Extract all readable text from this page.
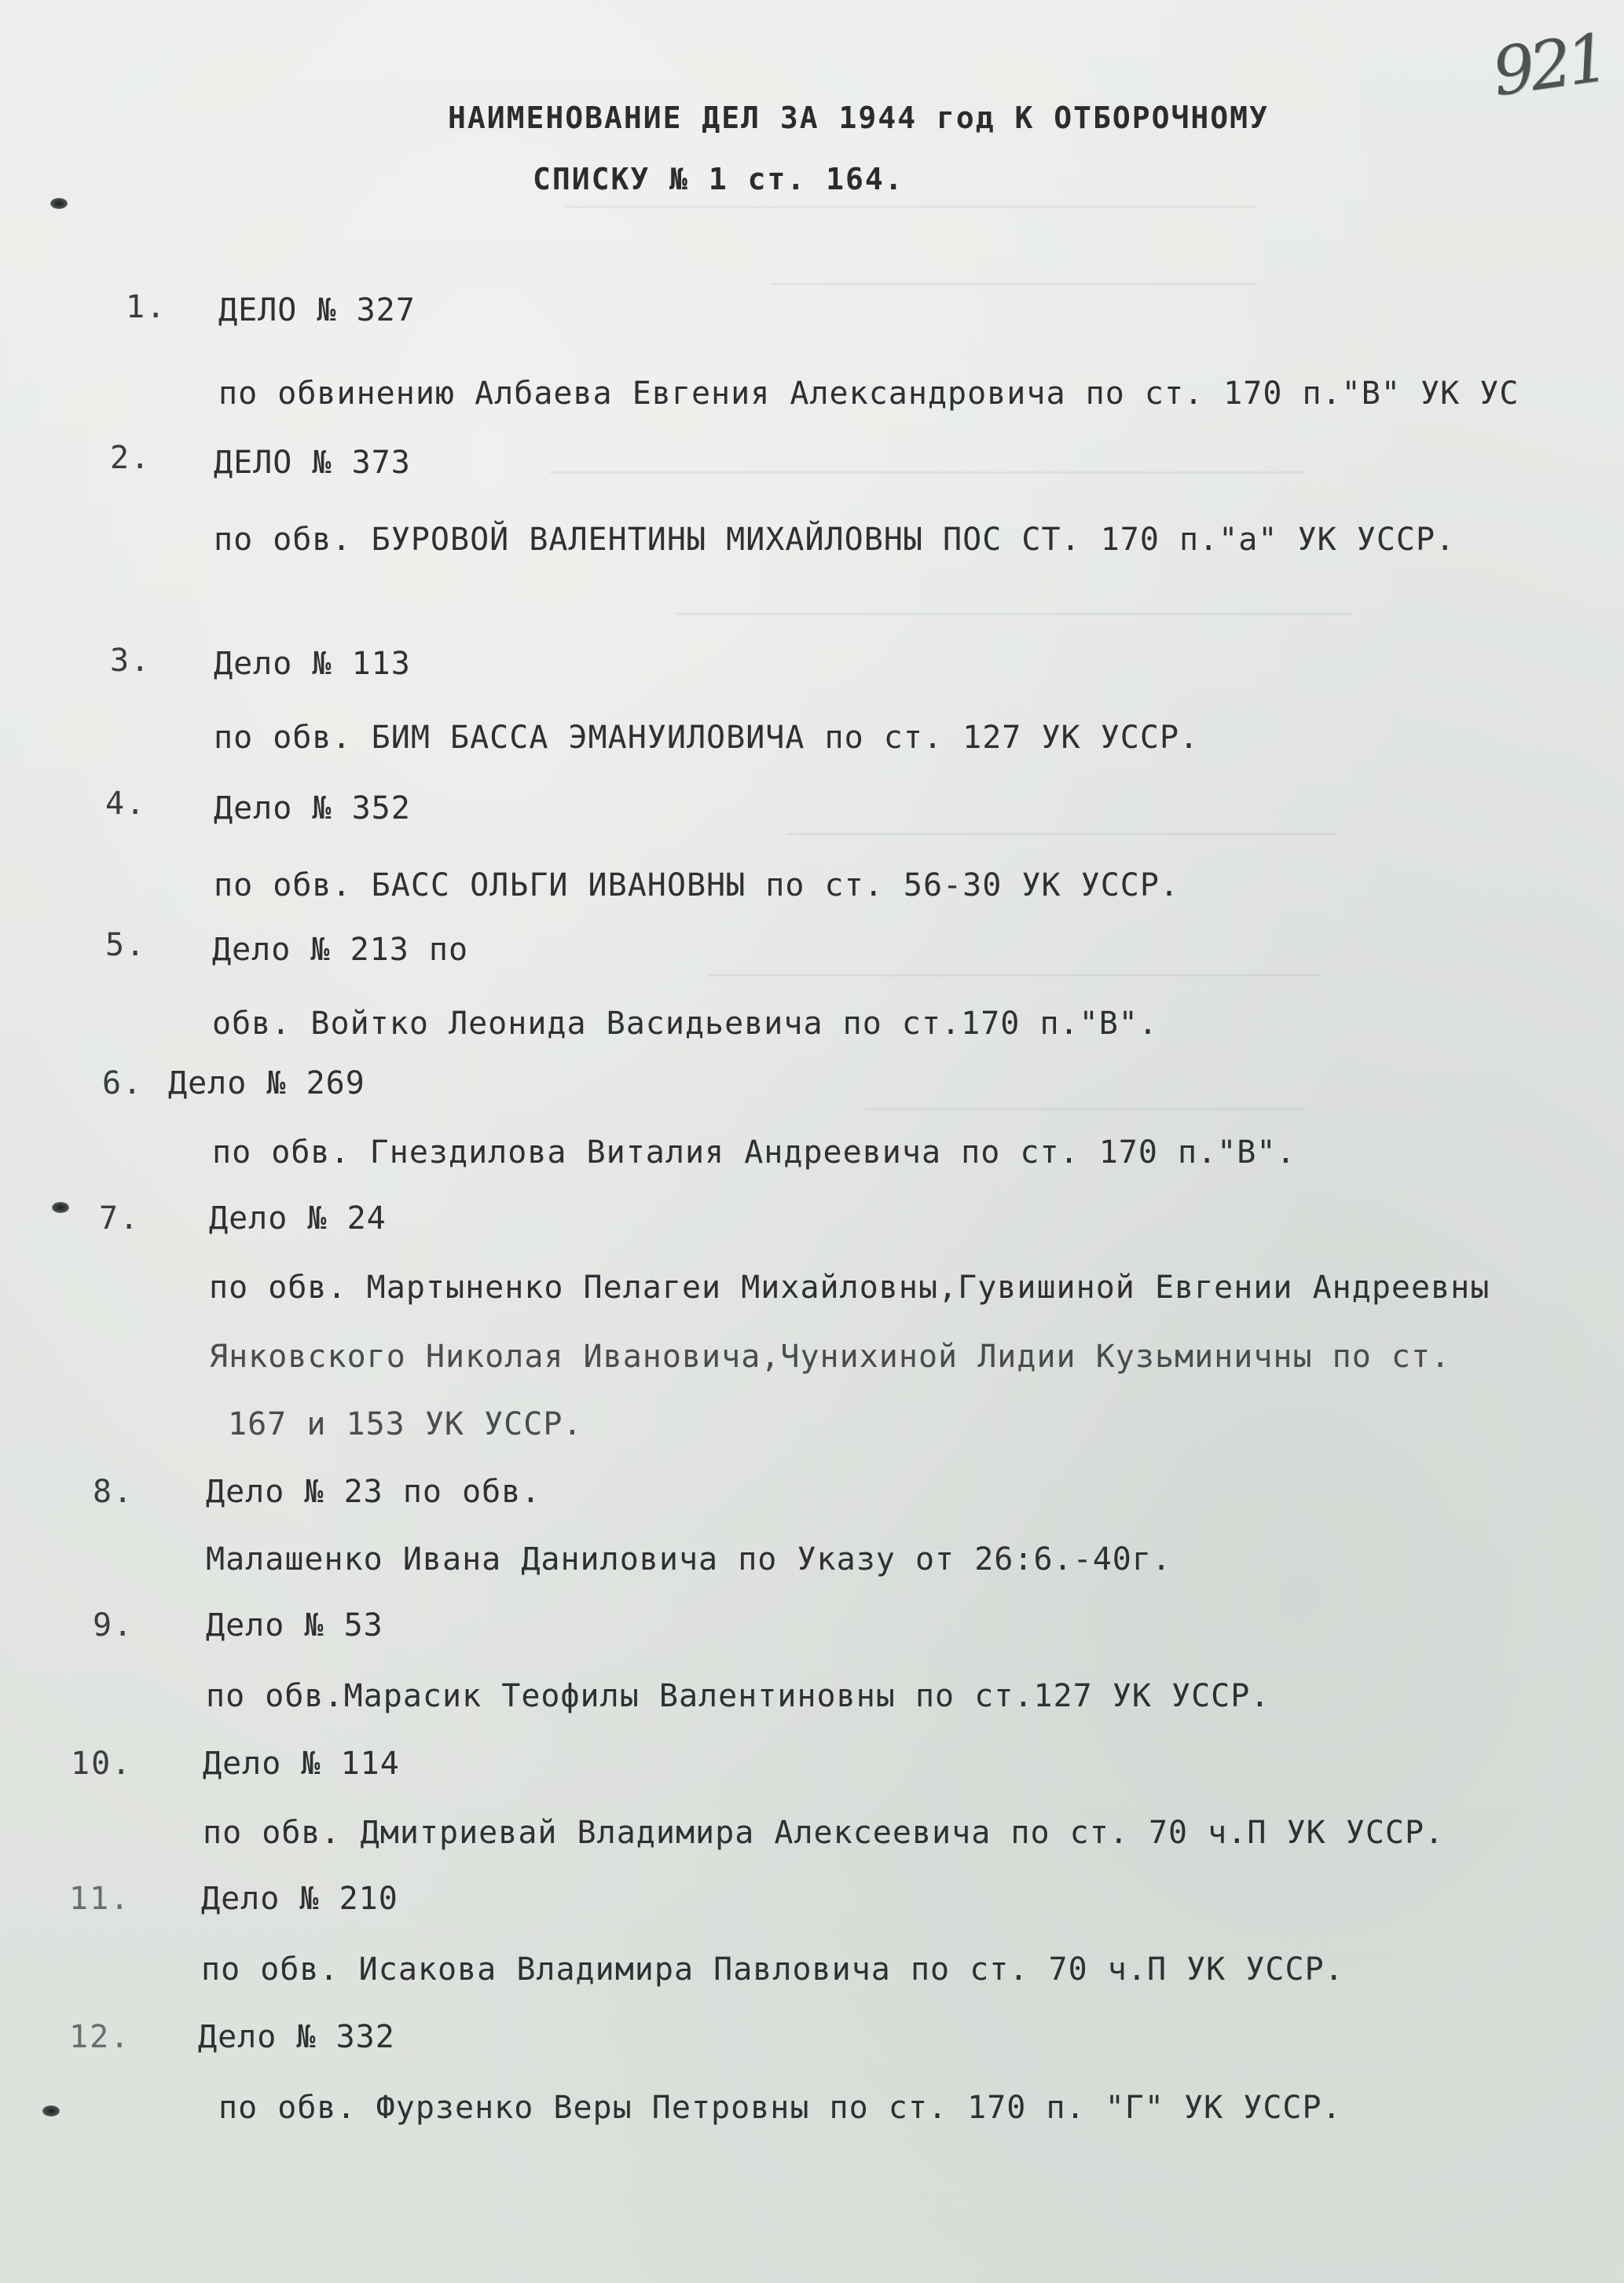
921
НАИМЕНОВАНИЕ ДЕЛ ЗА 1944 год К ОТБОРОЧНОМУ
СПИСКУ № 1 ст. 164.
1. ДЕЛО № 327
по обвинению Албаева Евгения Александровича по ст. 170 п."В" УК УС
2. ДЕЛО № 373
по обв. БУРОВОЙ ВАЛЕНТИНЫ МИХАЙЛОВНЫ ПОС СТ. 170 п."а" УК УССР.
3. Дело № 113
по обв. БИМ БАССА ЭМАНУИЛОВИЧА по ст. 127 УК УССР.
4. Дело № 352
по обв. БАСС ОЛЬГИ ИВАНОВНЫ по ст. 56-30 УК УССР.
5. Дело № 213 по
обв. Войтко Леонида Васидьевича по ст.170 п."В".
6. Дело № 269
по обв. Гнездилова Виталия Андреевича по ст. 170 п."В".
7. Дело № 24
по обв. Мартыненко Пелагеи Михайловны,Гувишиной Евгении Андреевны
Янковского Николая Ивановича,Чунихиной Лидии Кузьминичны по ст.
167 и 153 УК УССР.
8. Дело № 23 по обв.
Малашенко Ивана Даниловича по Указу от 26:6.-40г.
9. Дело № 53
по обв.Марасик Теофилы Валентиновны по ст.127 УК УССР.
10. Дело № 114
по обв. Дмитриевай Владимира Алексеевича по ст. 70 ч.П УК УССР.
11. Дело № 210
по обв. Исакова Владимира Павловича по ст. 70 ч.П УК УССР.
12. Дело № 332
по обв. Фурзенко Веры Петровны по ст. 170 п. "Г" УК УССР.
